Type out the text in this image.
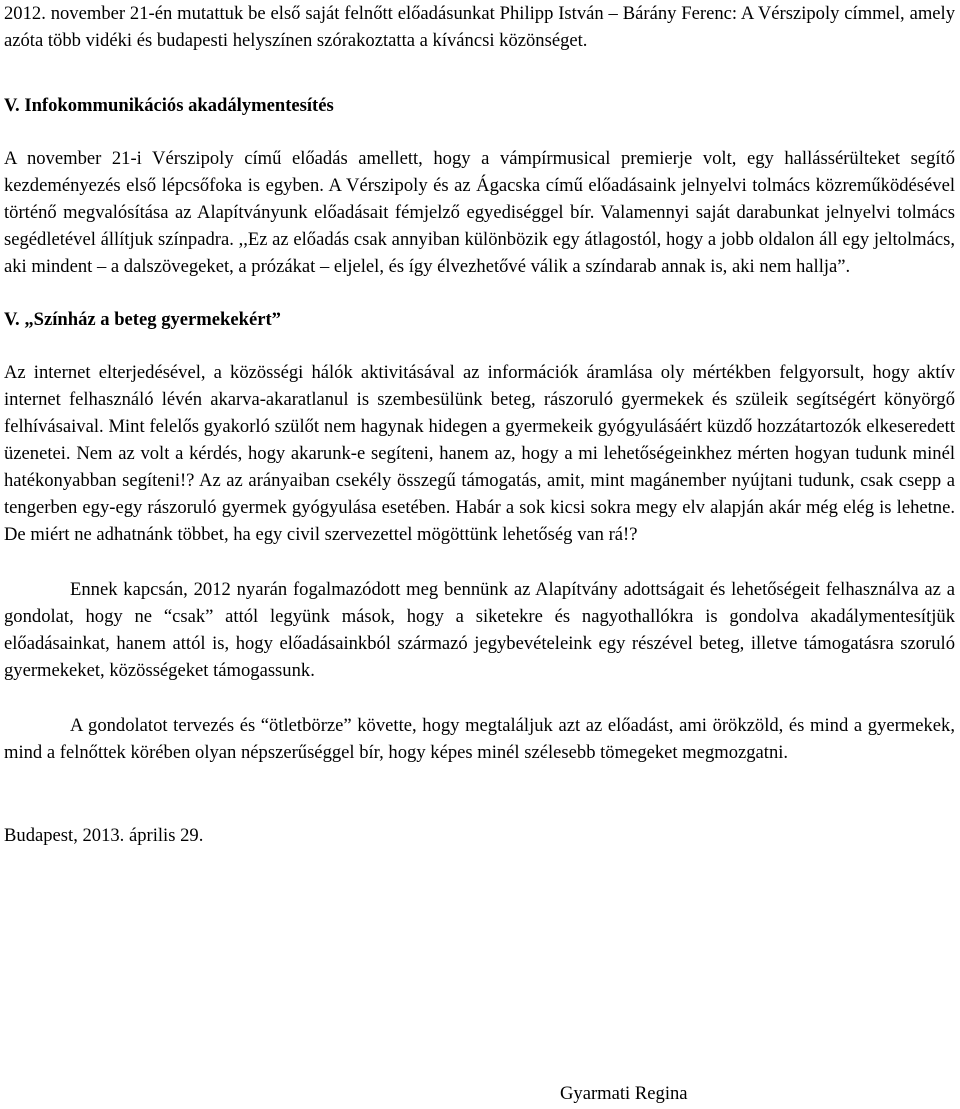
2012. november 21-én mutattuk be első saját felnőtt előadásunkat Philipp István – Bárány Ferenc: A Vérszipoly címmel, amely azóta több vidéki és budapesti helyszínen szórakoztatta a kíváncsi közönséget.

V. Infokommunikációs akadálymentesítés

A november 21-i Vérszipoly című előadás amellett, hogy a vámpírmusical premierje volt, egy hallássérülteket segítő kezdeményezés első lépcsőfoka is egyben. A Vérszipoly és az Ágacska című előadásaink jelnyelvi tolmács közreműködésével történő megvalósítása az Alapítványunk előadásait fémjelző egyediséggel bír. Valamennyi saját darabunkat jelnyelvi tolmács segédletével állítjuk színpadra. ,,Ez az előadás csak annyiban különbözik egy átlagostól, hogy a jobb oldalon áll egy jeltolmács, aki mindent – a dalszövegeket, a prózákat – eljelel, és így élvezhetővé válik a színdarab annak is, aki nem hallja”.

V. „Színház a beteg gyermekekért”

Az internet elterjedésével, a közösségi hálók aktivitásával az információk áramlása oly mértékben felgyorsult, hogy aktív internet felhasználó lévén akarva-akaratlanul is szembesülünk beteg, rászoruló gyermekek és szüleik segítségért könyörgő felhívásaival. Mint felelős gyakorló szülőt nem hagynak hidegen a gyermekeik gyógyulásáért küzdő hozzátartozók elkeseredett üzenetei. Nem az volt a kérdés, hogy akarunk-e segíteni, hanem az, hogy a mi lehetőségeinkhez mérten hogyan tudunk minél hatékonyabban segíteni!? Az az arányaiban csekély összegű támogatás, amit, mint magánember nyújtani tudunk, csak csepp a tengerben egy-egy rászoruló gyermek gyógyulása esetében. Habár a sok kicsi sokra megy elv alapján akár még elég is lehetne. De miért ne adhatnánk többet, ha egy civil szervezettel mögöttünk lehetőség van rá!?

Ennek kapcsán, 2012 nyarán fogalmazódott meg bennünk az Alapítvány adottságait és lehetőségeit felhasználva az a gondolat, hogy ne “csak” attól legyünk mások, hogy a siketekre és nagyothallókra is gondolva akadálymentesítjük előadásainkat, hanem attól is, hogy előadásainkból származó jegybevételeink egy részével beteg, illetve támogatásra szoruló gyermekeket, közösségeket támogassunk.

A gondolatot tervezés és “ötletbörze” követte, hogy megtaláljuk azt az előadást, ami örökzöld, és mind a gyermekek, mind a felnőttek körében olyan népszerűséggel bír, hogy képes minél szélesebb tömegeket megmozgatni.

Budapest, 2013. április 29.

Gyarmati Regina
